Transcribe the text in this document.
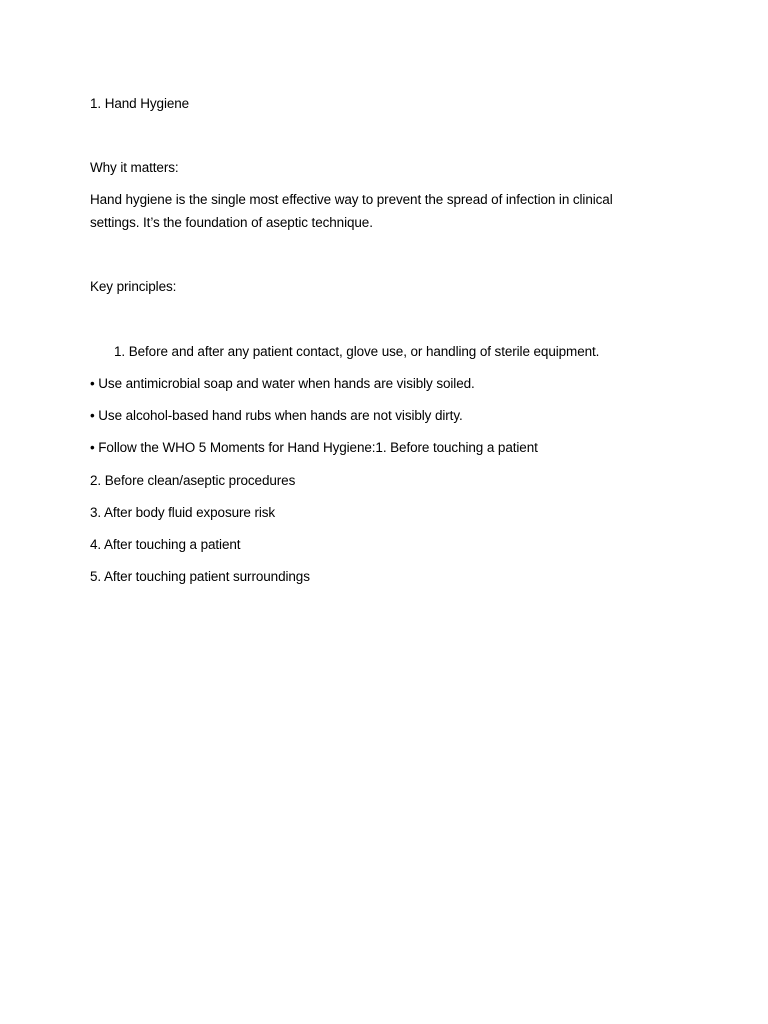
1. Hand Hygiene
Why it matters:
Hand hygiene is the single most effective way to prevent the spread of infection in clinical settings. It’s the foundation of aseptic technique.
Key principles:
1. Before and after any patient contact, glove use, or handling of sterile equipment.
• Use antimicrobial soap and water when hands are visibly soiled.
• Use alcohol-based hand rubs when hands are not visibly dirty.
• Follow the WHO 5 Moments for Hand Hygiene:1. Before touching a patient
2. Before clean/aseptic procedures
3. After body fluid exposure risk
4. After touching a patient
5. After touching patient surroundings
